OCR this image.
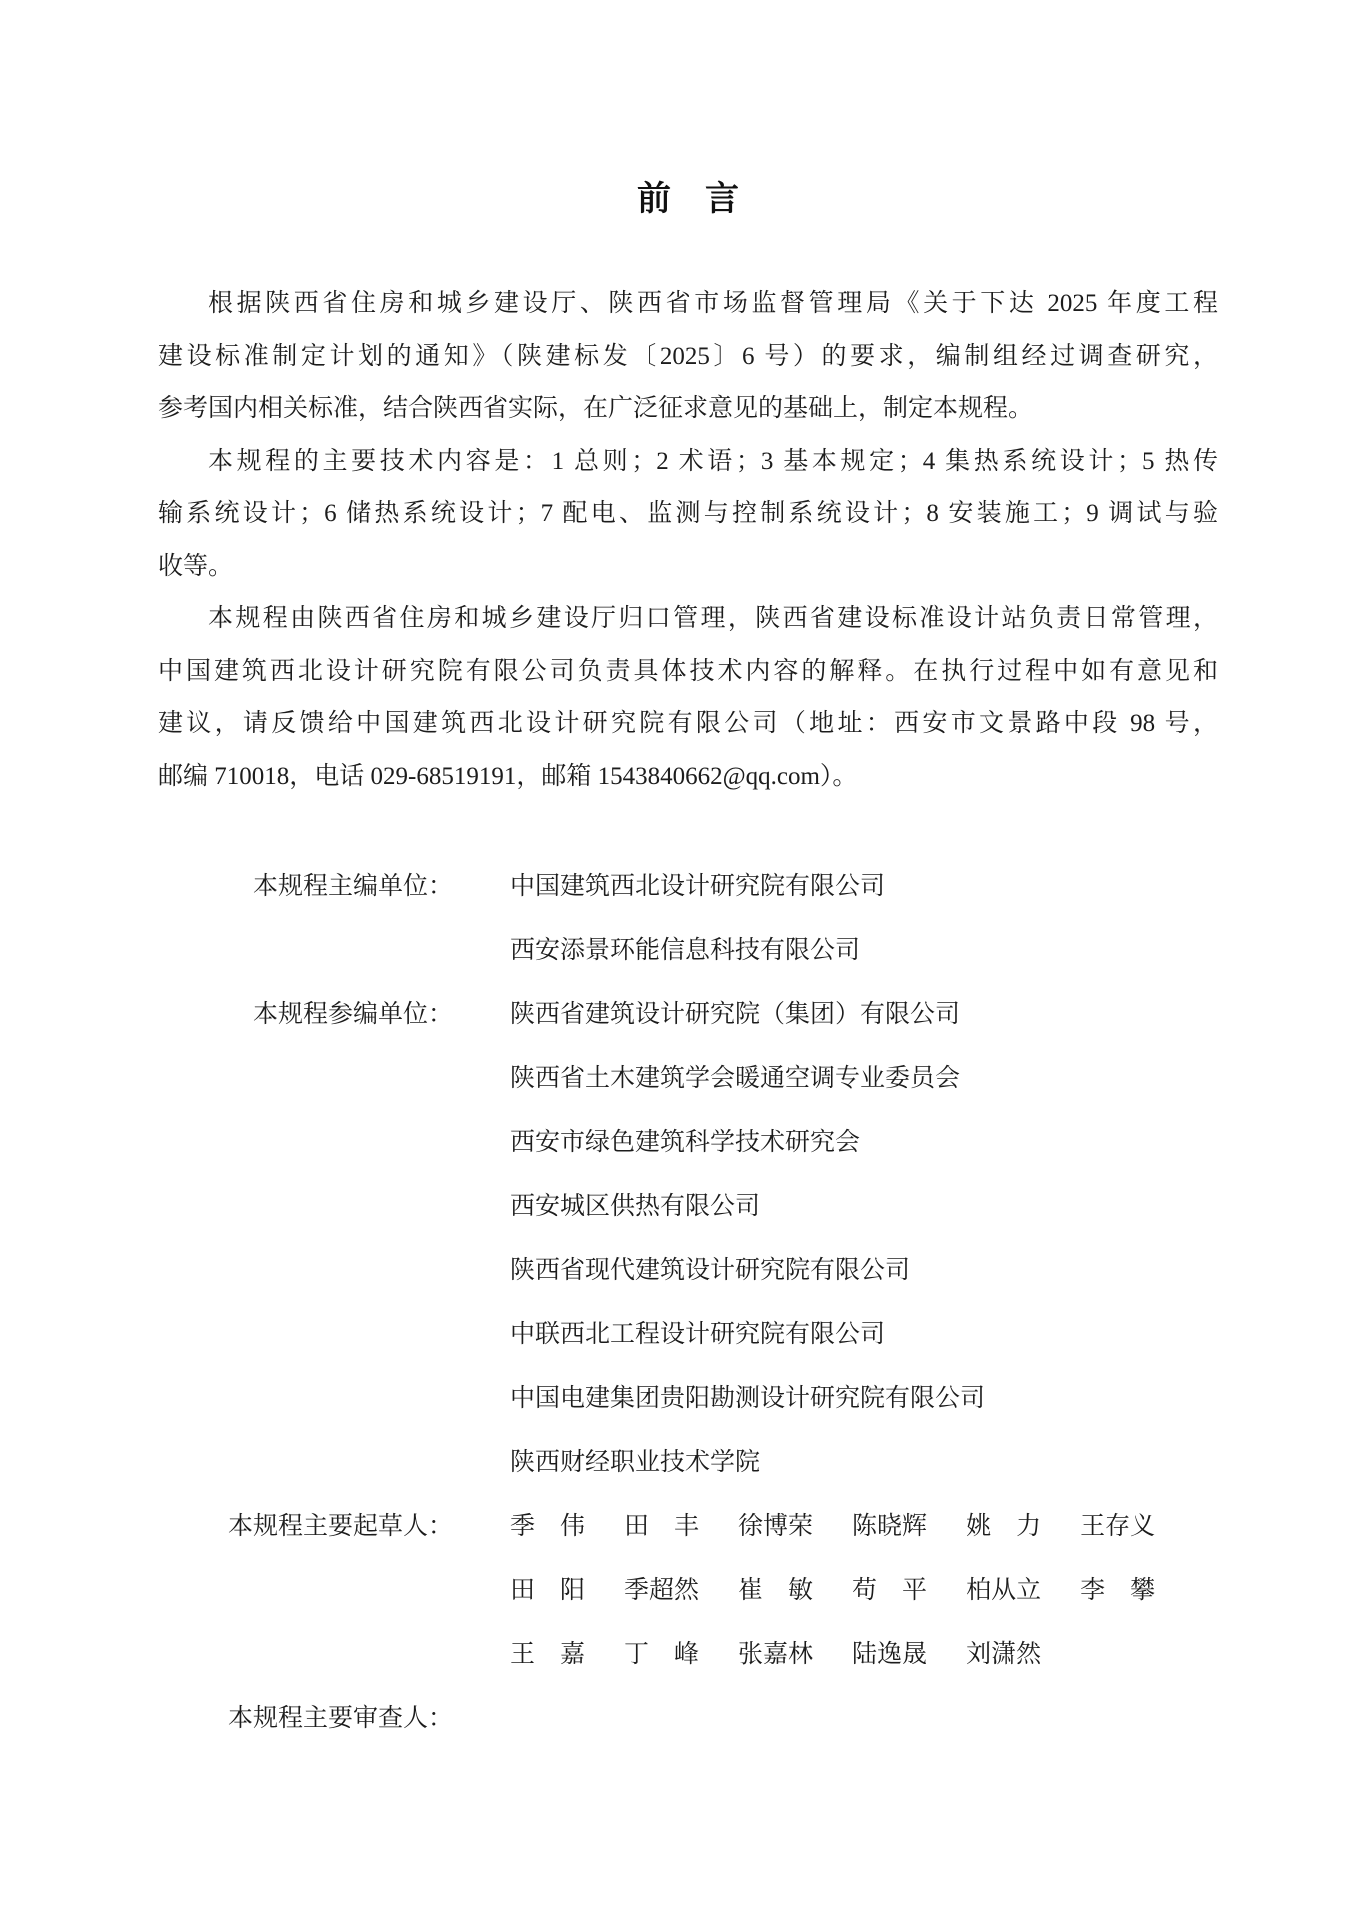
前　言
根据陕西省住房和城乡建设厅、陕西省市场监督管理局《关于下达 2025 年度工程
建设标准制定计划的通知》（陕建标发〔2025〕6 号）的要求，编制组经过调查研究，
参考国内相关标准，结合陕西省实际，在广泛征求意见的基础上，制定本规程。
本规程的主要技术内容是：1 总则；2 术语；3 基本规定；4 集热系统设计；5 热传
输系统设计；6 储热系统设计；7 配电、监测与控制系统设计；8 安装施工；9 调试与验
收等。
本规程由陕西省住房和城乡建设厅归口管理，陕西省建设标准设计站负责日常管理，
中国建筑西北设计研究院有限公司负责具体技术内容的解释。在执行过程中如有意见和
建议，请反馈给中国建筑西北设计研究院有限公司（地址：西安市文景路中段 98 号，
邮编 710018，电话 029-68519191，邮箱 1543840662@qq.com）。
本规程主编单位： 中国建筑西北设计研究院有限公司
西安添景环能信息科技有限公司
本规程参编单位： 陕西省建筑设计研究院（集团）有限公司
陕西省土木建筑学会暖通空调专业委员会
西安市绿色建筑科学技术研究会
西安城区供热有限公司
陕西省现代建筑设计研究院有限公司
中联西北工程设计研究院有限公司
中国电建集团贵阳勘测设计研究院有限公司
陕西财经职业技术学院
本规程主要起草人： 季　伟 田　丰 徐博荣 陈晓辉 姚　力 王存义
田　阳 季超然 崔　敏 苟　平 柏从立 李　攀
王　嘉 丁　峰 张嘉林 陆逸晟 刘潇然
本规程主要审查人：
